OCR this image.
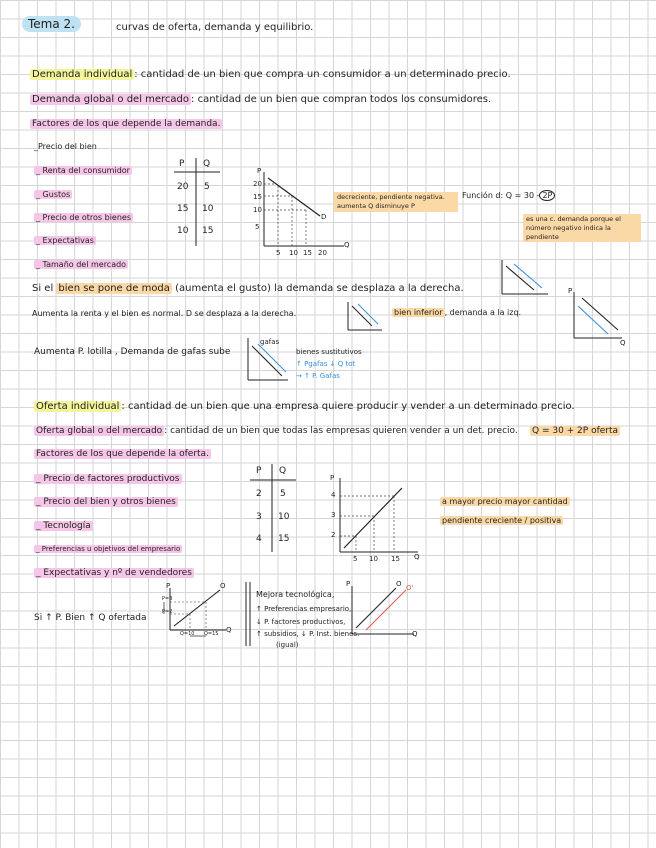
Tema 2.	curvas de oferta, demanda y equilibrio.
Demanda individual : cantidad de un bien que compra un consumidor a un determinado precio.
Demanda global o del mercado : cantidad de un bien que compran todos los consumidores.
Factores de los que depende la demanda.
_Precio del bien
_ Renta del consumidor
_ Gustos
_ Precio de otros bienes
_ Expectativas
_ Tamaño del mercado
P Q
20 5
15 10
10 15
P
Q
D
20
15
10
5
5 10 15 20
decreciente, pendiente negativa. aumenta Q disminuye P
Función d: Q = 30 - 2P
es una c. demanda porque el número negativo indica la pendiente
Si el bien se pone de moda (aumenta el gusto) la demanda se desplaza a la derecha.
Aumenta la renta y el bien es normal. D se desplaza a la derecha.	bien inferior , demanda a la izq.
P
Q
Aumenta P. lotilla , Demanda de gafas sube
gafas
bienes sustitutivos
↑ Pgafas ↓ Q tot
→ ↑ P. Gafas
Oferta individual : cantidad de un bien que una empresa quiere producir y vender a un determinado precio.
Oferta global o del mercado : cantidad de un bien que todas las empresas quieren vender a un det. precio. Q = 30 + 2P oferta
Factores de los que depende la oferta.
_ Precio de factores productivos
_ Precio del bien y otros bienes
_ Tecnología
_ Preferencias u objetivos del empresario
_ Expectativas y nº de vendedores
P Q
2 5
3 10
4 15
P
Q
4
3
2
5 10 15
a mayor precio mayor cantidad
pendiente creciente / positiva
Si ↑ P. Bien ↑ Q ofertada
P
Q
O
P=3
P=2
Q=10 Q=15
Mejora tecnológica,
↑ Preferencias empresario,
↓ P. factores productivos,
↑ subsidios, ↓ P. Inst. bienes.
(igual)
P
Q
O O'
